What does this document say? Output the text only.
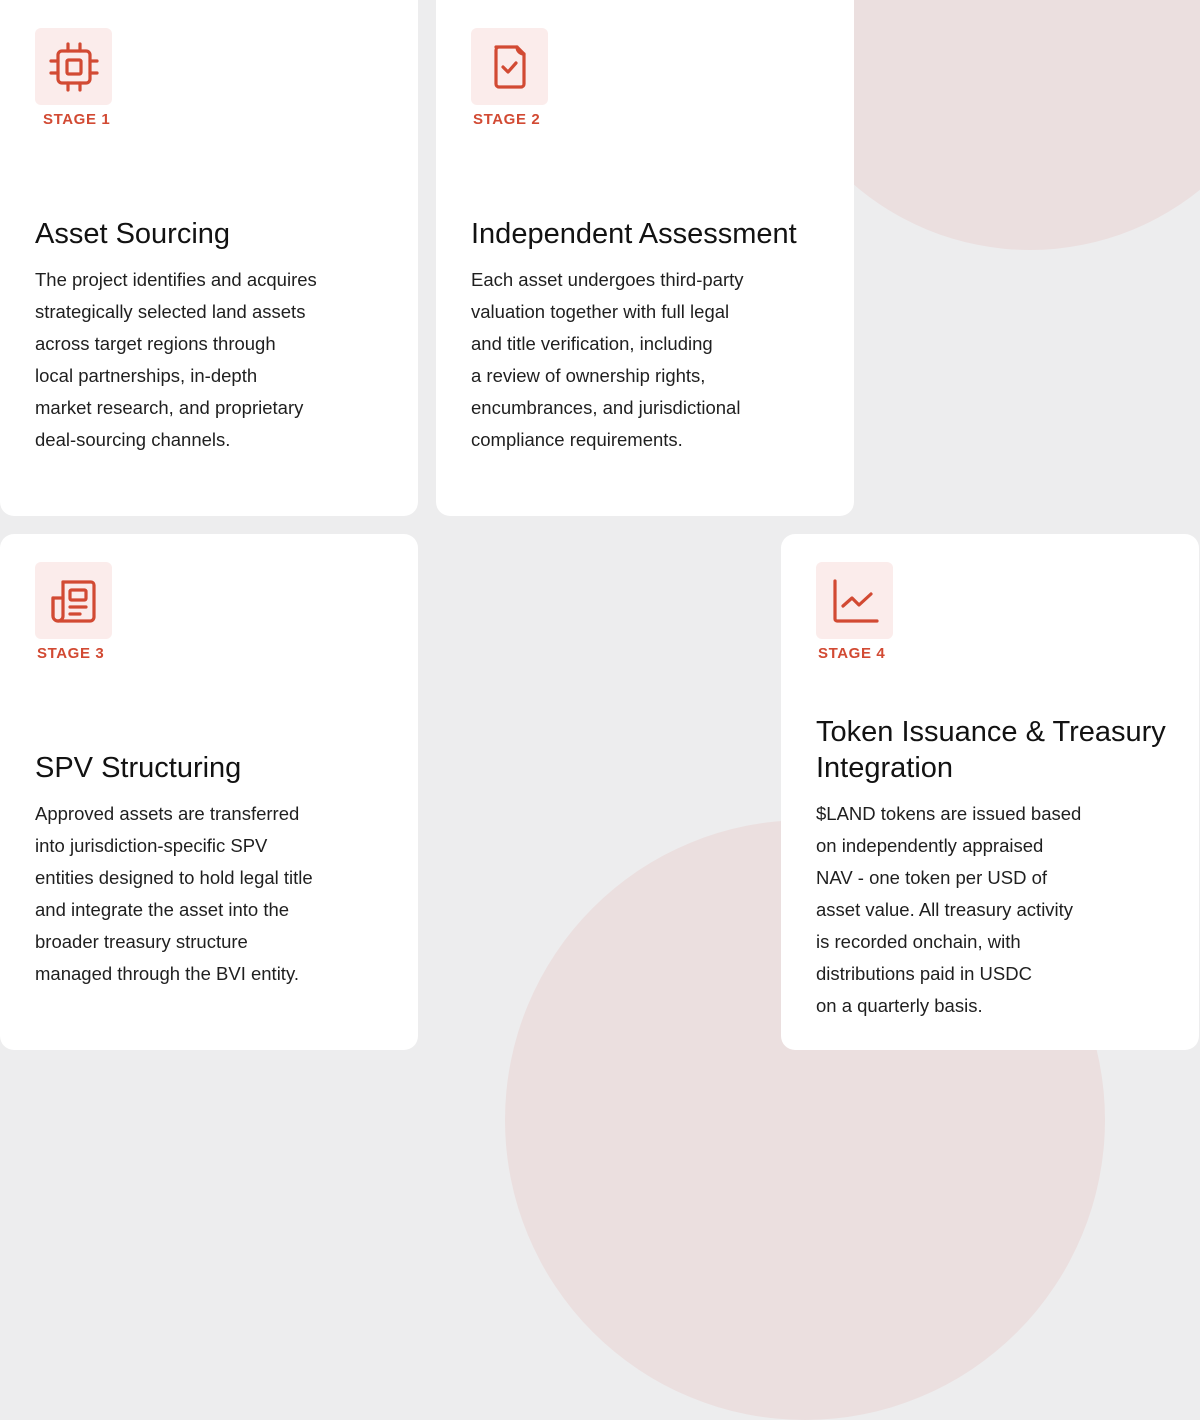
STAGE 1
Asset Sourcing

The project identifies and acquires
strategically selected land assets
across target regions through
local partnerships, in-depth
market research, and proprietary
deal-sourcing channels.

STAGE 2
Independent Assessment

Each asset undergoes third-party
valuation together with full legal
and title verification, including
a review of ownership rights,
encumbrances, and jurisdictional
compliance requirements.

STAGE 3
SPV Structuring

Approved assets are transferred
into jurisdiction-specific SPV
entities designed to hold legal title
and integrate the asset into the
broader treasury structure
managed through the BVI entity.

STAGE 4
Token Issuance & Treasury
Integration

$LAND tokens are issued based
on independently appraised
NAV - one token per USD of
asset value. All treasury activity
is recorded onchain, with
distributions paid in USDC
on a quarterly basis.
